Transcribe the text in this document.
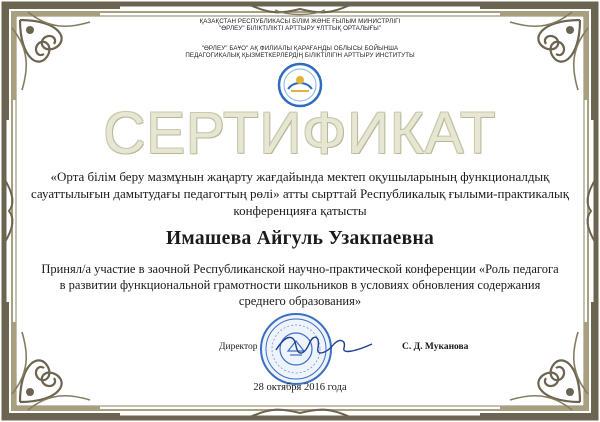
ҚАЗАҚСТАН РЕСПУБЛИКАСЫ БІЛІМ ЖӘНЕ ҒЫЛЫМ МИНИСТРЛІГІ
"ӨРЛЕУ" БІЛІКТІЛІКТІ АРТТЫРУ ҰЛТТЫҚ ОРТАЛЫҒЫ"
"ӨРЛЕУ" БАҰО" АҚ ФИЛИАЛЫ ҚАРАҒАНДЫ ОБЛЫСЫ БОЙЫНША
ПЕДАГОГИКАЛЫҚ ҚЫЗМЕТКЕРЛЕРДІҢ БІЛІКТІЛІГІН АРТТЫРУ ИНСТИТУТЫ
СЕРТИФИКАТ
«Орта білім беру мазмұнын жаңарту жағдайында мектеп оқушыларының функционалдық сауаттылығын дамытудағы педагогтың рөлі» атты сырттай Республикалық ғылыми-практикалық конференцияға қатысты
Имашева Айгуль Узакпаевна
Принял/а участие в заочной Республиканской научно-практической конференции «Роль педагога в развитии функциональной грамотности школьников в условиях обновления содержания среднего образования»
Директор	С. Д. Муканова
28 октября 2016 года
